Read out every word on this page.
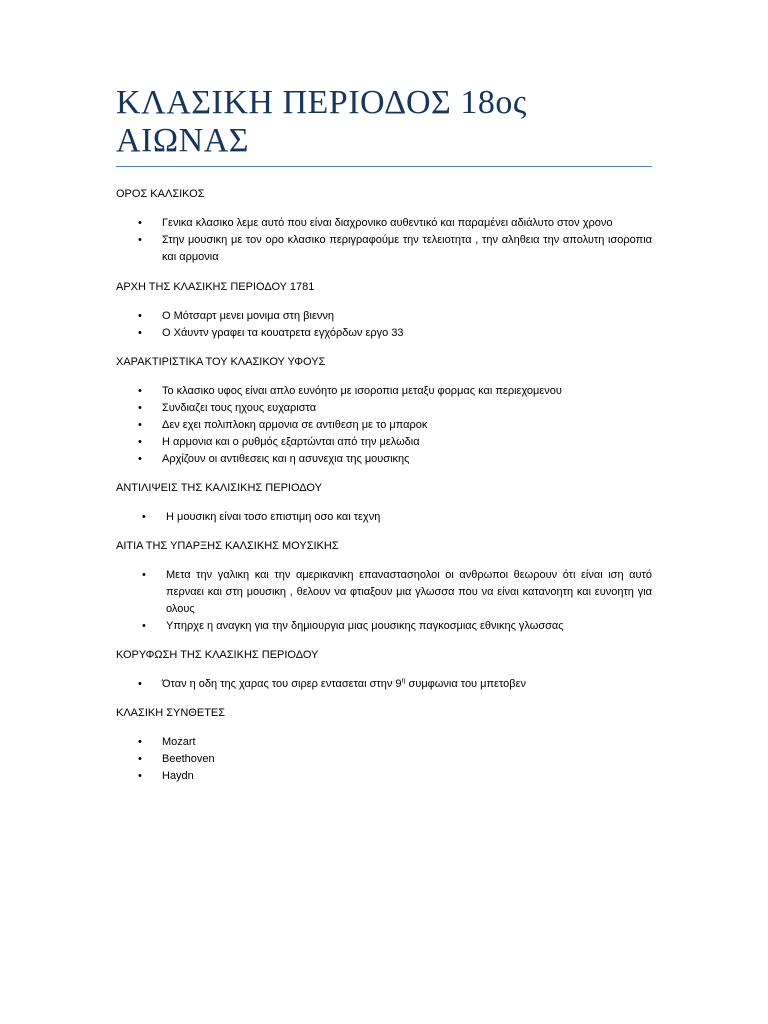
ΚΛΑΣΙΚΗ ΠΕΡΙΟΔΟΣ 18ος ΑΙΩΝΑΣ

ΟΡΟΣ ΚΑΛΣΙΚΟΣ

• Γενικα κλασικο λεμε αυτό που είναι διαχρονικο αυθεντικό και παραμένει αδιάλυτο στον χρονο
• Στην μουσικη με τον ορο κλασικο περιγραφούμε την τελειοτητα , την αληθεια την απολυτη ισοροπια και αρμονια

ΑΡΧΗ ΤΗΣ ΚΛΑΣΙΚΗΣ ΠΕΡΙΟΔΟΥ 1781

• Ο Μότσαρτ μενει μονιμα στη βιεννη
• Ο Χάυντν γραφει τα κουατρετα εγχόρδων εργο 33

ΧΑΡΑΚΤΙΡΙΣΤΙΚΑ ΤΟΥ ΚΛΑΣΙΚΟΥ ΥΦΟΥΣ

• Το κλασικο υφος είναι απλο ευνόητο με ισοροπια μεταξυ φορμας και περιεχομενου
• Συνδιαζει τους ηχους ευχαριστα
• Δεν εχει πολιπλοκη αρμονια σε αντιθεση με το μπαροκ
• Η αρμονια και ο ρυθμός εξαρτώνται από την μελωδια
• Αρχίζουν οι αντιθεσεις και η ασυνεχια της μουσικης

ΑΝΤΙΛΙΨΕΙΣ ΤΗΣ ΚΑΛΙΣΙΚΗΣ ΠΕΡΙΟΔΟΥ

• Η μουσικη είναι τοσο επιστιμη οσο και τεχνη

ΑΙΤΙΑ ΤΗΣ ΥΠΑΡΞΗΣ ΚΑΛΣΙΚΗΣ ΜΟΥΣΙΚΗΣ

• Μετα την γαλικη και την αμερικανικη επαναστασηολοι οι ανθρωποι θεωρουν ότι είναι ιση αυτό περναει και στη μουσικη , θελουν να φτιαξουν μια γλωσσα που να είναι κατανοητη και ευνοητη για ολους
• Υπηρχε η αναγκη για την δημιουργια μιας μουσικης παγκοσμιας εθνικης γλωσσας

ΚΟΡΥΦΩΣΗ ΤΗΣ ΚΛΑΣΙΚΗΣ ΠΕΡΙΟΔΟΥ

• Όταν η οδη της χαρας του σιρερ εντασεται στην $9^\eta$ συμφωνια του μπετοβεν

ΚΛΑΣΙΚΗ ΣΥΝΘΕΤΕΣ

• Mozart
• Beethoven
• Haydn
